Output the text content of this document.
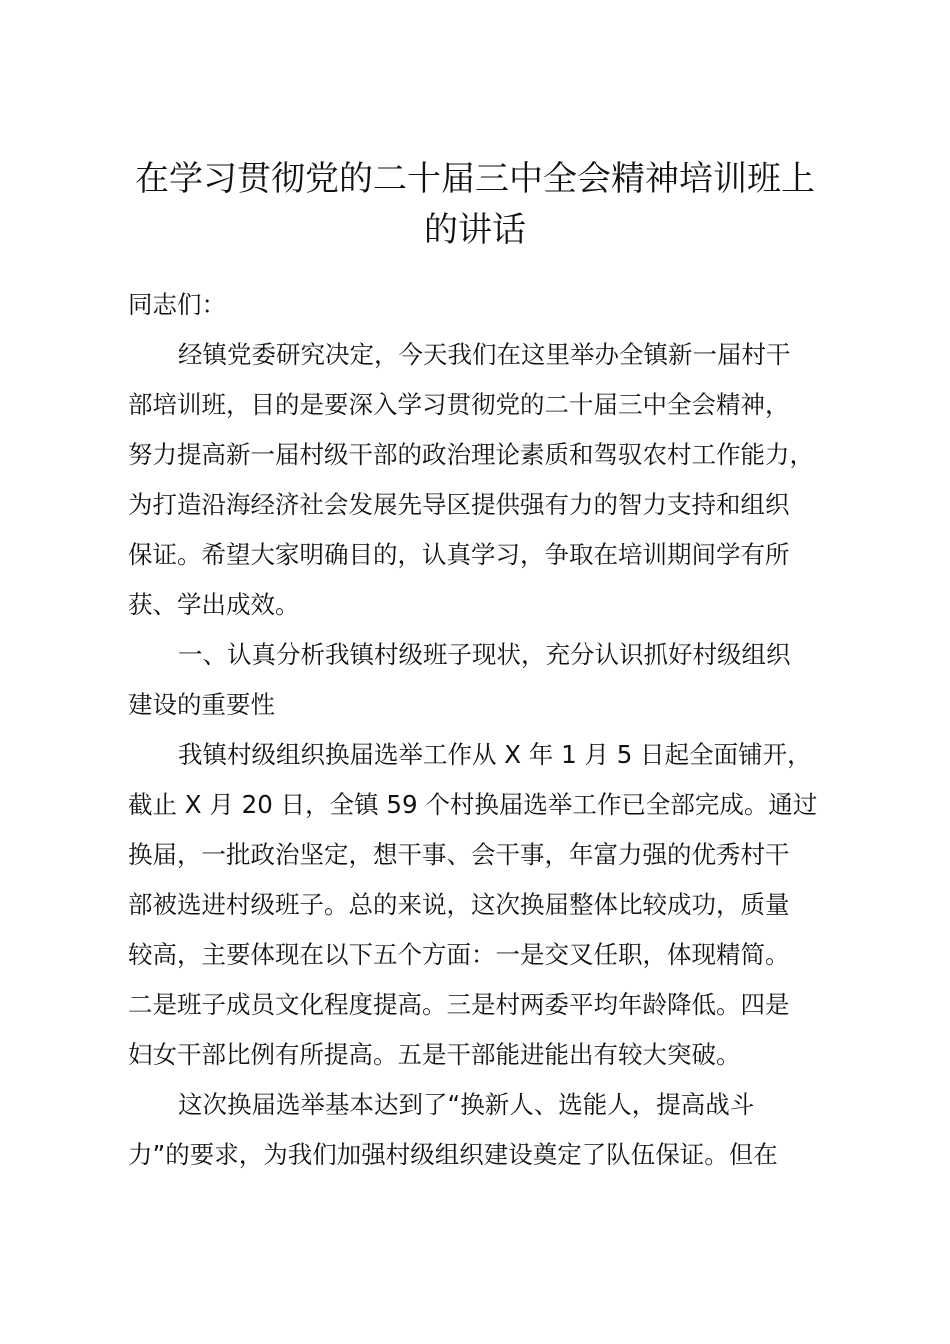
在学习贯彻党的二十届三中全会精神培训班上
的讲话

同志们：

经镇党委研究决定，今天我们在这里举办全镇新一届村干

部培训班，目的是要深入学习贯彻党的二十届三中全会精神，

努力提高新一届村级干部的政治理论素质和驾驭农村工作能力，

为打造沿海经济社会发展先导区提供强有力的智力支持和组织

保证。希望大家明确目的，认真学习，争取在培训期间学有所

获、学出成效。

一、认真分析我镇村级班子现状，充分认识抓好村级组织

建设的重要性

我镇村级组织换届选举工作从 X 年 1 月 5 日起全面铺开，

截止 X 月 20 日，全镇 59 个村换届选举工作已全部完成。通过

换届，一批政治坚定，想干事、会干事，年富力强的优秀村干

部被选进村级班子。总的来说，这次换届整体比较成功，质量

较高，主要体现在以下五个方面：一是交叉任职，体现精简。

二是班子成员文化程度提高。三是村两委平均年龄降低。四是

妇女干部比例有所提高。五是干部能进能出有较大突破。

这次换届选举基本达到了“换新人、选能人，提高战斗

力”的要求，为我们加强村级组织建设奠定了队伍保证。但在
